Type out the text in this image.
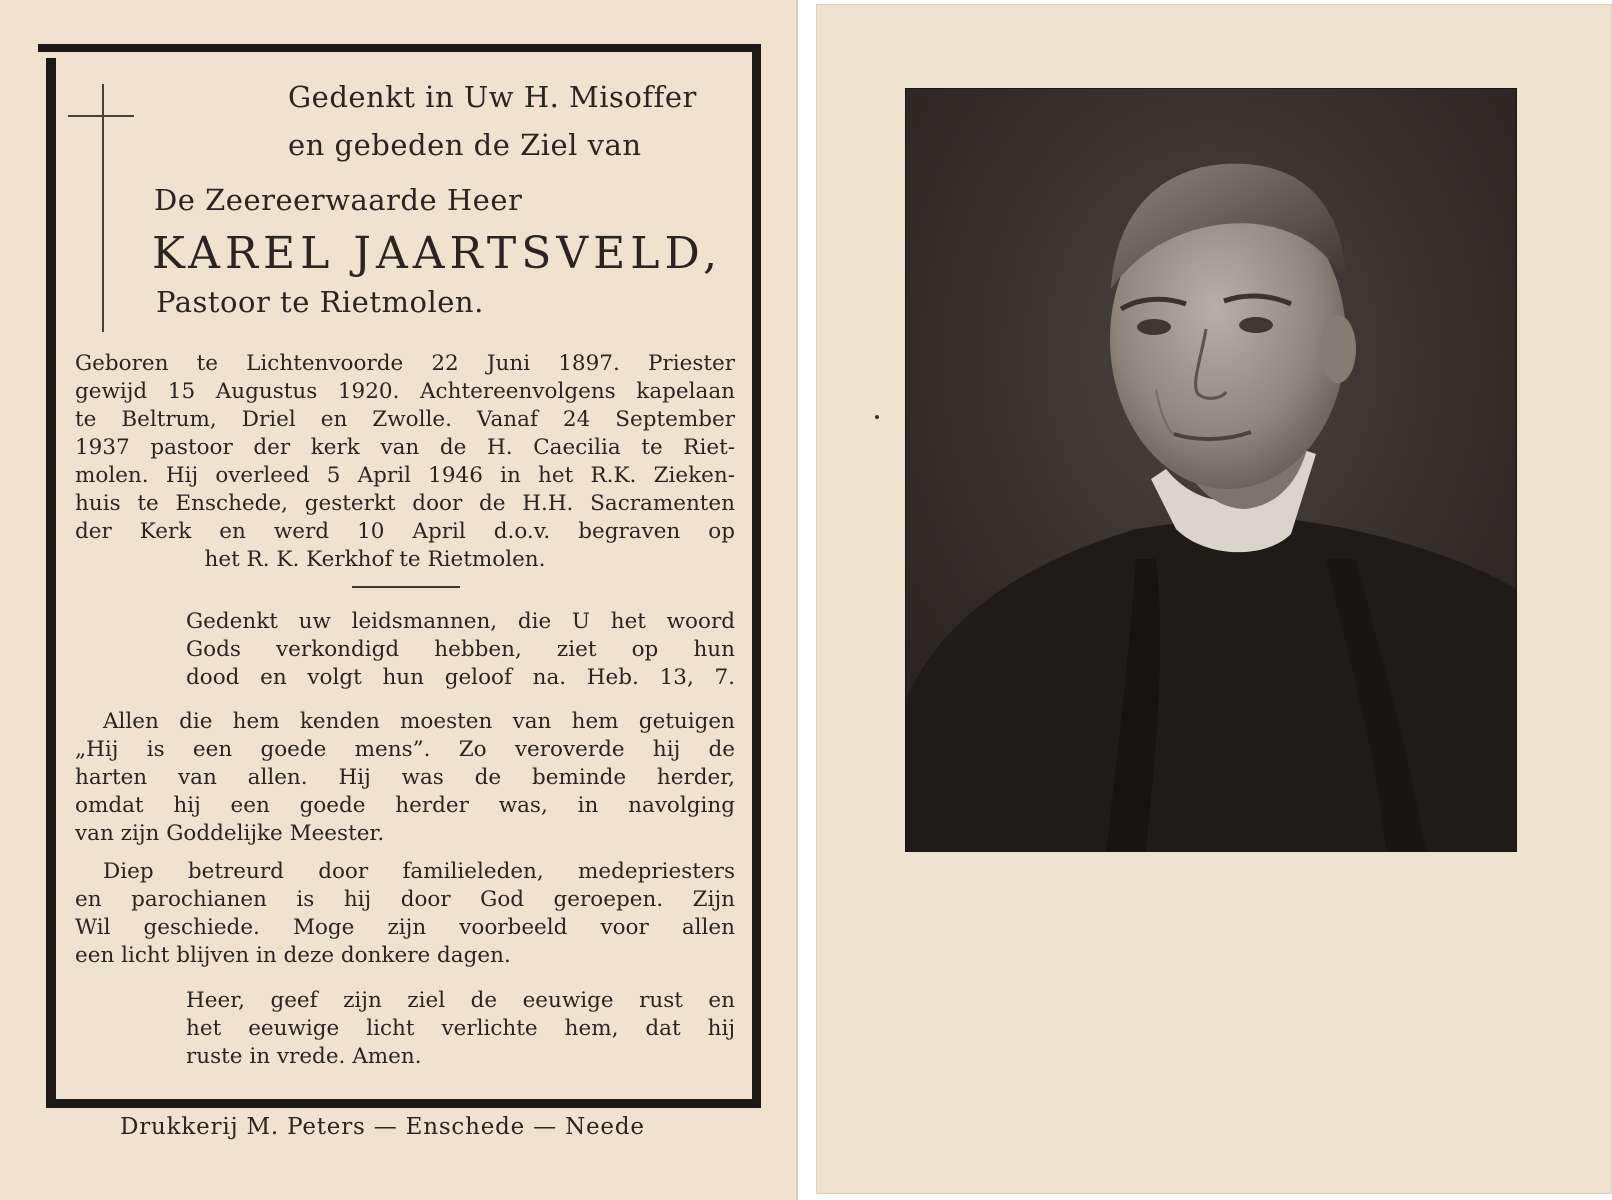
Gedenkt in Uw H. Misoffer
en gebeden de Ziel van
De Zeereerwaarde Heer
KAREL JAARTSVELD,
Pastoor te Rietmolen.
Geboren te Lichtenvoorde 22 Juni 1897. Priester
gewijd 15 Augustus 1920. Achtereenvolgens kapelaan
te Beltrum, Driel en Zwolle. Vanaf 24 September
1937 pastoor der kerk van de H. Caecilia te Riet-
molen. Hij overleed 5 April 1946 in het R.K. Zieken-
huis te Enschede, gesterkt door de H.H. Sacramenten
der Kerk en werd 10 April d.o.v. begraven op
het R. K. Kerkhof te Rietmolen.
Gedenkt uw leidsmannen, die U het woord
Gods verkondigd hebben, ziet op hun
dood en volgt hun geloof na. Heb. 13, 7.
Allen die hem kenden moesten van hem getuigen
„Hij is een goede mens”. Zo veroverde hij de
harten van allen. Hij was de beminde herder,
omdat hij een goede herder was, in navolging
van zijn Goddelijke Meester.
Diep betreurd door familieleden, medepriesters
en parochianen is hij door God geroepen. Zijn
Wil geschiede. Moge zijn voorbeeld voor allen
een licht blijven in deze donkere dagen.
Heer, geef zijn ziel de eeuwige rust en
het eeuwige licht verlichte hem, dat hij
ruste in vrede. Amen.
Drukkerij M. Peters — Enschede — Neede
